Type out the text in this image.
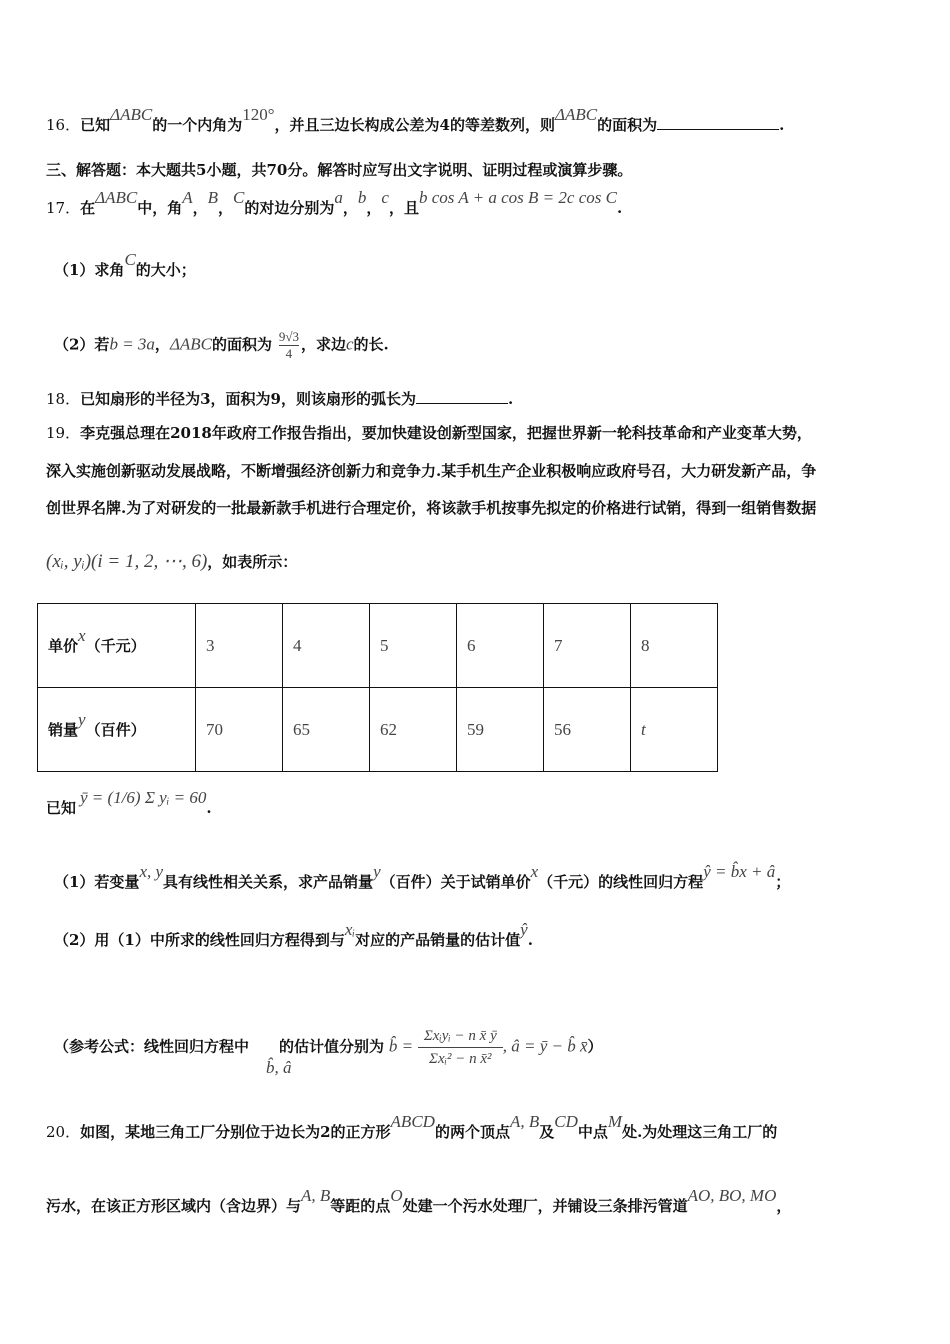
16．已知ΔABC的一个内角为120°，并且三边长构成公差为4的等差数列，则ΔABC的面积为	.
三、解答题：本大题共5小题，共70分。解答时应写出文字说明、证明过程或演算步骤。
17．在ΔABC中，角A，B，C的对边分别为a，b，c，且b cos A + a cos B = 2c cos C.
（1）求角C的大小；
（2）若b = 3a，ΔABC的面积为 $\frac{9√3}{4}$ ，求边c的长.
18．已知扇形的半径为3，面积为9，则该扇形的弧长为	.
19．李克强总理在2018年政府工作报告指出，要加快建设创新型国家，把握世界新一轮科技革命和产业变革大势，
深入实施创新驱动发展战略，不断增强经济创新力和竞争力.某手机生产企业积极响应政府号召，大力研发新产品，争
创世界名牌.为了对研发的一批最新款手机进行合理定价，将该款手机按事先拟定的价格进行试销，得到一组销售数据
(xᵢ, yᵢ)(i = 1, 2, ⋯, 6)，如表所示：
单价x（千元）	3	4	5	6	7	8
销量y（百件）	70	65	62	59	56	t
已知ȳ = (1/6) Σ yᵢ = 60.
（1）若变量x, y具有线性相关关系，求产品销量y（百件）关于试销单价x（千元）的线性回归方程ŷ = b̂x + â；
（2）用（1）中所求的线性回归方程得到与xᵢ对应的产品销量的估计值ŷ.
（参考公式：线性回归方程中 的估计值分别为 b̂ = $\frac{\text{Σxᵢyᵢ − n x̄ ȳ}}{\text{Σxᵢ² − n x̄²}}$ , â = ȳ − b̂ x̄）
b̂, â
20．如图，某地三角工厂分别位于边长为2的正方形ABCD的两个顶点A, B及CD中点M处.为处理这三角工厂的
污水，在该正方形区域内（含边界）与A, B等距的点O处建一个污水处理厂，并铺设三条排污管道AO, BO, MO，
